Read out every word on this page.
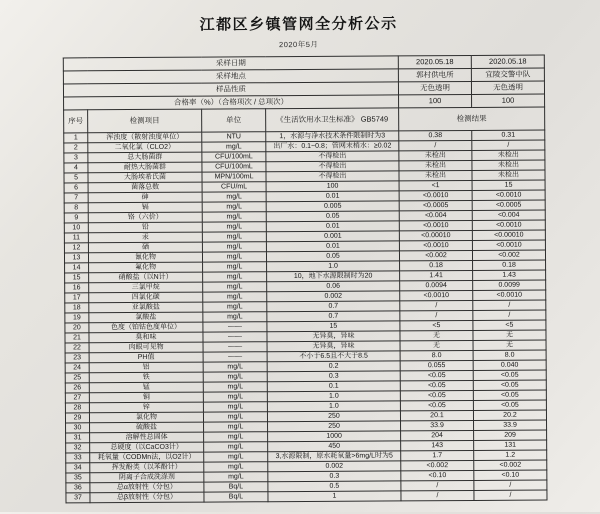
江都区乡镇管网全分析公示
2020年5月
采样日期				2020.05.18	2020.05.18
采样地点				郭村供电所	宜陵交警中队
样品性质				无色透明	无色透明
合格率（%）（合格项次 / 总项次）				100	100
序号	检测项目	单位	《生活饮用水卫生标准》 GB5749	检测结果	
1	浑浊度（散射浊度单位）	NTU	1，水源与净水技术条件限制时为3	0.38	0.31
2	二氧化氯（CLO2）	mg/L	出厂水：0.1~0.8；管网末梢水：≥0.02	/	/
3	总大肠菌群	CFU/100mL	不得检出	未检出	未检出
4	耐热大肠菌群	CFU/100mL	不得检出	未检出	未检出
5	大肠埃希氏菌	MPN/100mL	不得检出	未检出	未检出
6	菌落总数	CFU/mL	100	<1	15
7	砷	mg/L	0.01	<0.0010	<0.0010
8	镉	mg/L	0.005	<0.0005	<0.0005
9	铬（六价）	mg/L	0.05	<0.004	<0.004
10	铅	mg/L	0.01	<0.0010	<0.0010
11	汞	mg/L	0.001	<0.00010	<0.00010
12	硒	mg/L	0.01	<0.0010	<0.0010
13	氰化物	mg/L	0.05	<0.002	<0.002
14	氟化物	mg/L	1.0	0.18	0.18
15	硝酸盐（以N计）	mg/L	10，地下水源限制时为20	1.41	1.43
16	三氯甲烷	mg/L	0.06	0.0094	0.0099
17	四氯化碳	mg/L	0.002	<0.0010	<0.0010
18	亚氯酸盐	mg/L	0.7	/	/
19	氯酸盐	mg/L	0.7	/	/
20	色度（铂钴色度单位）	——	15	<5	<5
21	臭和味	——	无异臭，异味	无	无
22	肉眼可见物	——	无异臭，异味	无	无
23	PH值	——	不小于6.5且不大于8.5	8.0	8.0
24	铝	mg/L	0.2	0.055	0.040
25	铁	mg/L	0.3	<0.05	<0.05
26	锰	mg/L	0.1	<0.05	<0.05
27	铜	mg/L	1.0	<0.05	<0.05
28	锌	mg/L	1.0	<0.05	<0.05
29	氯化物	mg/L	250	20.1	20.2
30	硫酸盐	mg/L	250	33.9	33.9
31	溶解性总固体	mg/L	1000	204	209
32	总硬度（以CaCO3计）	mg/L	450	143	131
33	耗氧量（CODMn法，以O2计）	mg/L	3,水源限制，原水耗氧量>6mg/L时为5	1.7	1.2
34	挥发酚类（以苯酚计）	mg/L	0.002	<0.002	<0.002
35	阴离子合成洗涤剂	mg/L	0.3	<0.10	<0.10
36	总α放射性（分包）	Bq/L	0.5	/	/
37	总β放射性（分包）	Bq/L	1	/	/
